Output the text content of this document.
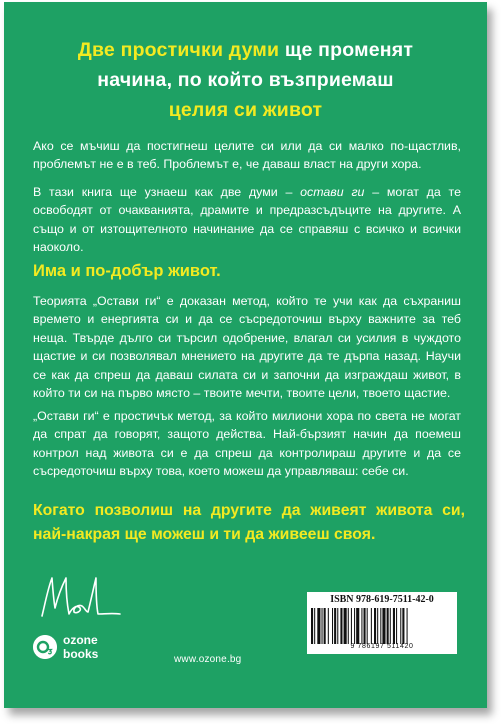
Две простички думи ще променят
начина, по който възприемаш
целия си живот

Ако се мъчиш да постигнеш целите си или да си малко по-щастлив, проблемът не е в теб. Проблемът е, че даваш власт на други хора.

В тази книга ще узнаеш как две думи – остави ги – могат да те освободят от очакванията, драмите и предразсъдъците на другите. А също и от изтощителното начинание да се справяш с всичко и всички наоколо.

Има и по-добър живот.

Теорията „Остави ги“ е доказан метод, който те учи как да съхраниш времето и енергията си и да се съсредоточиш върху важните за теб неща. Твърде дълго си търсил одобрение, влагал си усилия в чуждото щастие и си позволявал мнението на другите да те дърпа назад. Научи се как да спреш да даваш силата си и започни да изграждаш живот, в който ти си на първо място – твоите мечти, твоите цели, твоето щастие.

„Остави ги“ е простичък метод, за който милиони хора по света не могат да спрат да говорят, защото действа. Най-бързият начин да поемеш контрол над живота си е да спреш да контролираш другите и да се съсредоточиш върху това, което можеш да управляваш: себе си.

Когато позволиш на другите да живеят живота си, най-накрая ще можеш и ти да живееш своя.

ozone
books	www.ozone.bg
ISBN 978-619-7511-42-0
9 786197 511420
